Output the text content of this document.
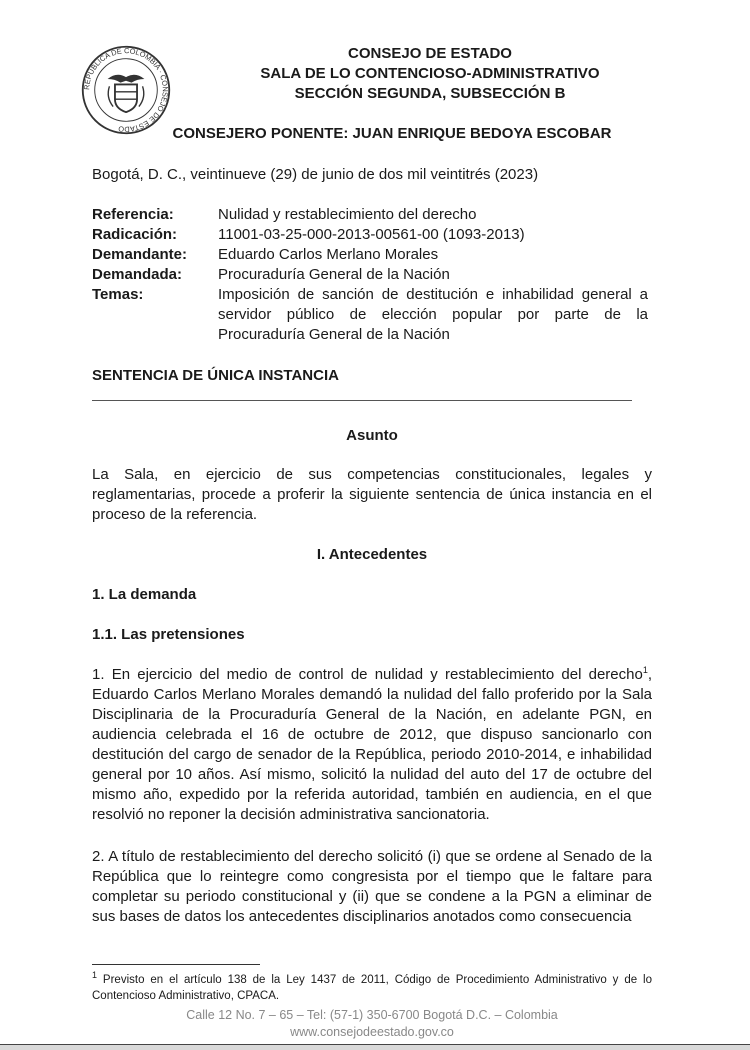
REPÚBLICA DE COLOMBIA · CONSEJO DE ESTADO
CONSEJO DE ESTADO
SALA DE LO CONTENCIOSO-ADMINISTRATIVO
SECCIÓN SEGUNDA, SUBSECCIÓN B
CONSEJERO PONENTE: JUAN ENRIQUE BEDOYA ESCOBAR
Bogotá, D. C., veintinueve (29) de junio de dos mil veintitrés (2023)
Referencia:	Nulidad y restablecimiento del derecho
Radicación:	11001-03-25-000-2013-00561-00 (1093-2013)
Demandante: Eduardo Carlos Merlano Morales
Demandada: Procuraduría General de la Nación
Temas:	Imposición de sanción de destitución e inhabilidad general a servidor público de elección popular por parte de la Procuraduría General de la Nación
SENTENCIA DE ÚNICA INSTANCIA
Asunto
La Sala, en ejercicio de sus competencias constitucionales, legales y reglamentarias, procede a proferir la siguiente sentencia de única instancia en el proceso de la referencia.
I. Antecedentes
1. La demanda
1.1. Las pretensiones
1. En ejercicio del medio de control de nulidad y restablecimiento del derecho$^1$, Eduardo Carlos Merlano Morales demandó la nulidad del fallo proferido por la Sala Disciplinaria de la Procuraduría General de la Nación, en adelante PGN, en audiencia celebrada el 16 de octubre de 2012, que dispuso sancionarlo con destitución del cargo de senador de la República, periodo 2010-2014, e inhabilidad general por 10 años. Así mismo, solicitó la nulidad del auto del 17 de octubre del mismo año, expedido por la referida autoridad, también en audiencia, en el que resolvió no reponer la decisión administrativa sancionatoria.
2. A título de restablecimiento del derecho solicitó (i) que se ordene al Senado de la República que lo reintegre como congresista por el tiempo que le faltare para completar su periodo constitucional y (ii) que se condene a la PGN a eliminar de sus bases de datos los antecedentes disciplinarios anotados como consecuencia
$^1$ Previsto en el artículo 138 de la Ley 1437 de 2011, Código de Procedimiento Administrativo y de lo Contencioso Administrativo, CPACA.
Calle 12 No. 7 – 65 – Tel: (57-1) 350-6700 Bogotá D.C. – Colombia
www.consejodeestado.gov.co
